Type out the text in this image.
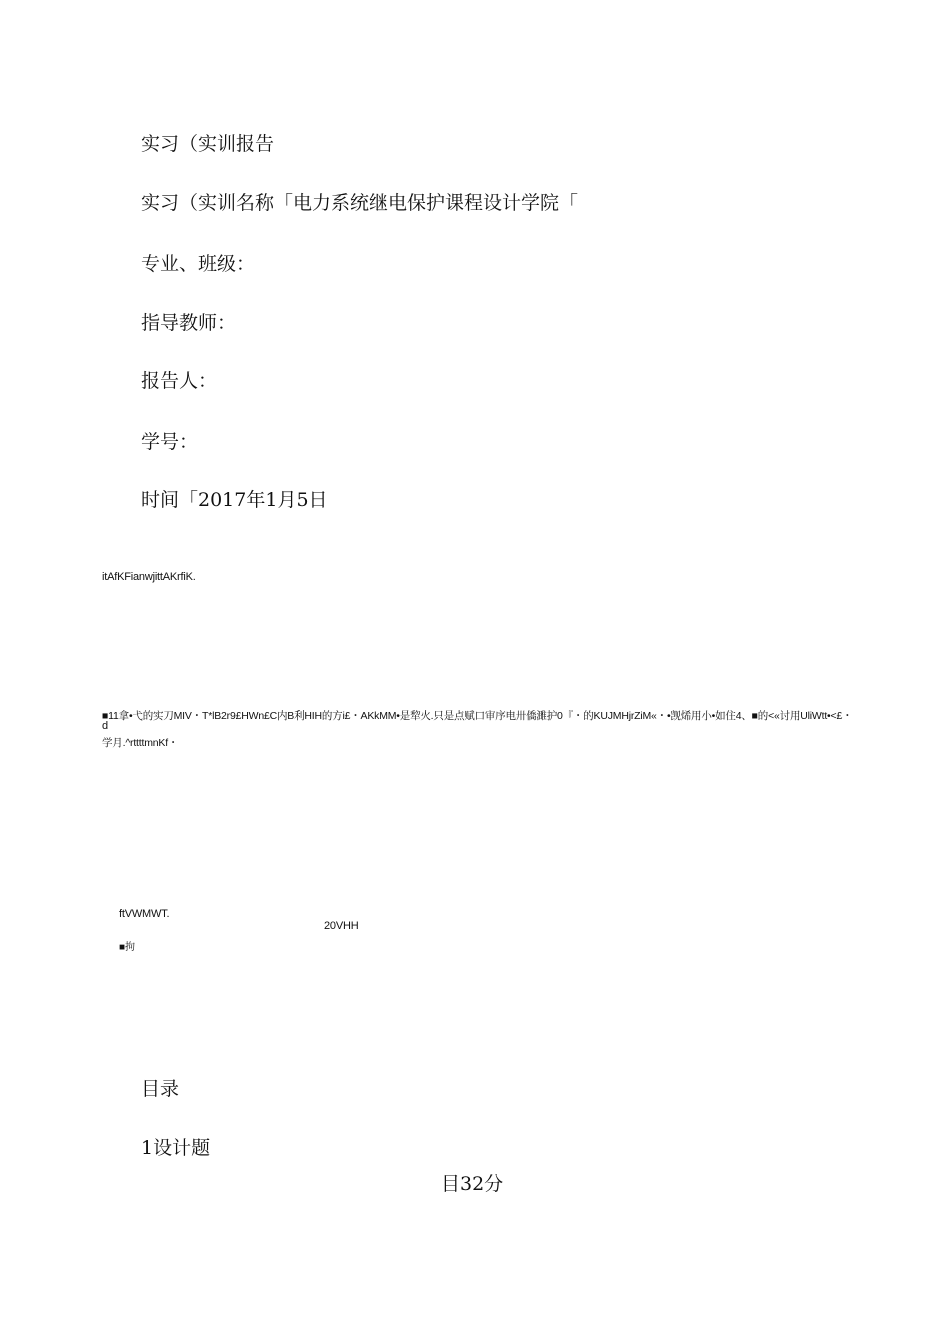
实习（实训报告
实习（实训名称「电力系统继电保护课程设计学院「
专业、班级：
指导教师：
报告人：
学号：
时间「2017年1月5日
itAfKFianwjittAKrfiK.
■11拿•弋的实刀MIV・T*lB2r9£HWn£C内B利HIH的方i£・AKkMM•是犂火.只是点赋口审序电卅僑濉护0『・的KUJMHjrZiM«・•觊烯用小•如住4、■的<«讨用UliWtt•<£・
d
学月.^rttttmnKf・
ftVWMWT.
20VHH
■拘
目录
1设计题
目32分
